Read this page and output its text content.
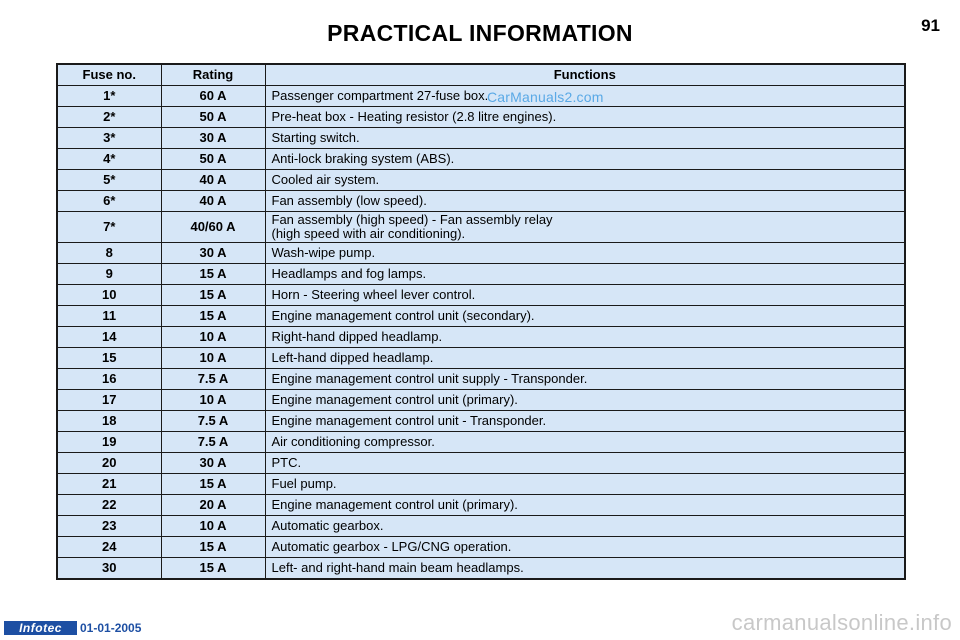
PRACTICAL INFORMATION	91
Fuse no.	Rating	Functions
1*	60 A	Passenger compartment 27-fuse box.
2*	50 A	Pre-heat box - Heating resistor (2.8 litre engines).
3*	30 A	Starting switch.
4*	50 A	Anti-lock braking system (ABS).
5*	40 A	Cooled air system.
6*	40 A	Fan assembly (low speed).
7*	40/60 A	Fan assembly (high speed) - Fan assembly relay
(high speed with air conditioning).
8	30 A	Wash-wipe pump.
9	15 A	Headlamps and fog lamps.
10	15 A	Horn - Steering wheel lever control.
11	15 A	Engine management control unit (secondary).
14	10 A	Right-hand dipped headlamp.
15	10 A	Left-hand dipped headlamp.
16	7.5 A	Engine management control unit supply - Transponder.
17	10 A	Engine management control unit (primary).
18	7.5 A	Engine management control unit - Transponder.
19	7.5 A	Air conditioning compressor.
20	30 A	PTC.
21	15 A	Fuel pump.
22	20 A	Engine management control unit (primary).
23	10 A	Automatic gearbox.
24	15 A	Automatic gearbox - LPG/CNG operation.
30	15 A	Left- and right-hand main beam headlamps.
CarManuals2.com
Infotec	01-01-2005	carmanualsonline.info
